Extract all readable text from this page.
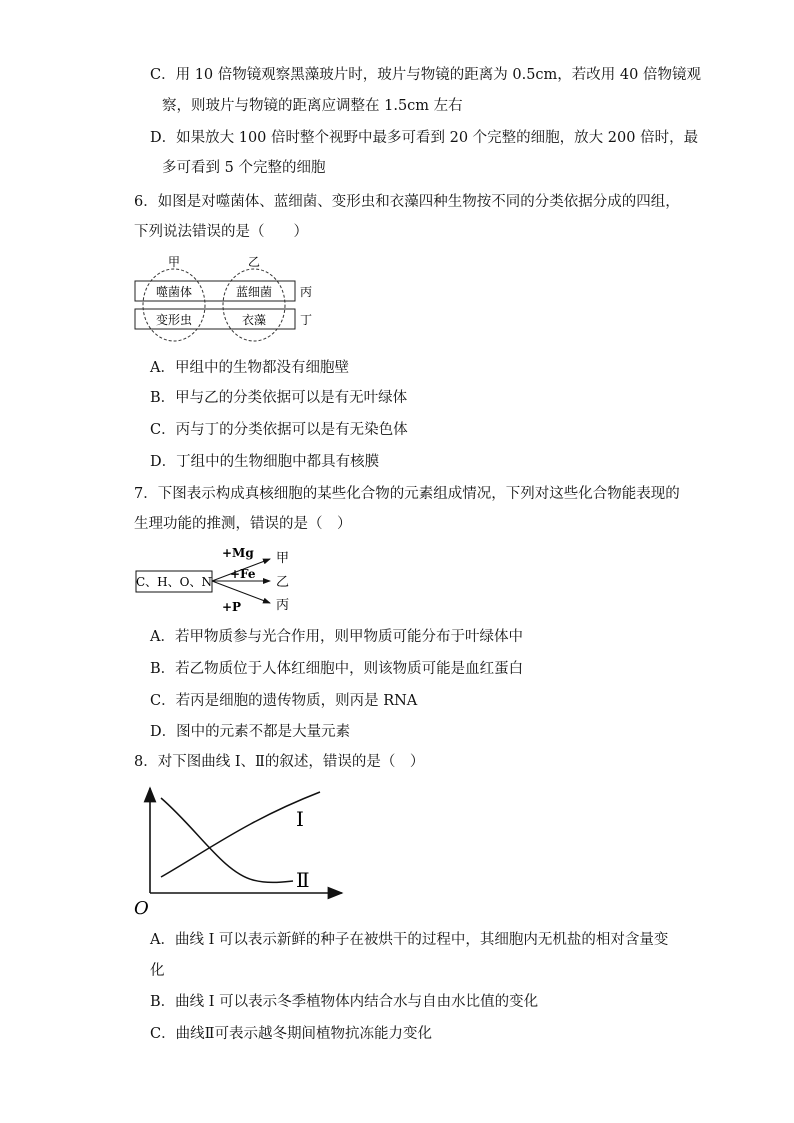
C．用 10 倍物镜观察黑藻玻片时，玻片与物镜的距离为 0.5cm，若改用 40 倍物镜观
察，则玻片与物镜的距离应调整在 1.5cm 左右
D．如果放大 100 倍时整个视野中最多可看到 20 个完整的细胞，放大 200 倍时，最
多可看到 5 个完整的细胞
6．如图是对噬菌体、蓝细菌、变形虫和衣藻四种生物按不同的分类依据分成的四组，
下列说法错误的是（　　）
甲	乙
丙
丁
噬菌体	蓝细菌
变形虫	衣藻
A．甲组中的生物都没有细胞壁
B．甲与乙的分类依据可以是有无叶绿体
C．丙与丁的分类依据可以是有无染色体
D．丁组中的生物细胞中都具有核膜
7．下图表示构成真核细胞的某些化合物的元素组成情况，下列对这些化合物能表现的
生理功能的推测，错误的是（　）
C、H、O、N
+Mg
+Fe
+P
甲
乙
丙
A．若甲物质参与光合作用，则甲物质可能分布于叶绿体中
B．若乙物质位于人体红细胞中，则该物质可能是血红蛋白
C．若丙是细胞的遗传物质，则丙是 RNA
D．图中的元素不都是大量元素
8．对下图曲线 I、Ⅱ的叙述，错误的是（　）
Ⅰ
Ⅱ
O
A．曲线 I 可以表示新鲜的种子在被烘干的过程中，其细胞内无机盐的相对含量变
化
B．曲线 I 可以表示冬季植物体内结合水与自由水比值的变化
C．曲线Ⅱ可表示越冬期间植物抗冻能力变化
